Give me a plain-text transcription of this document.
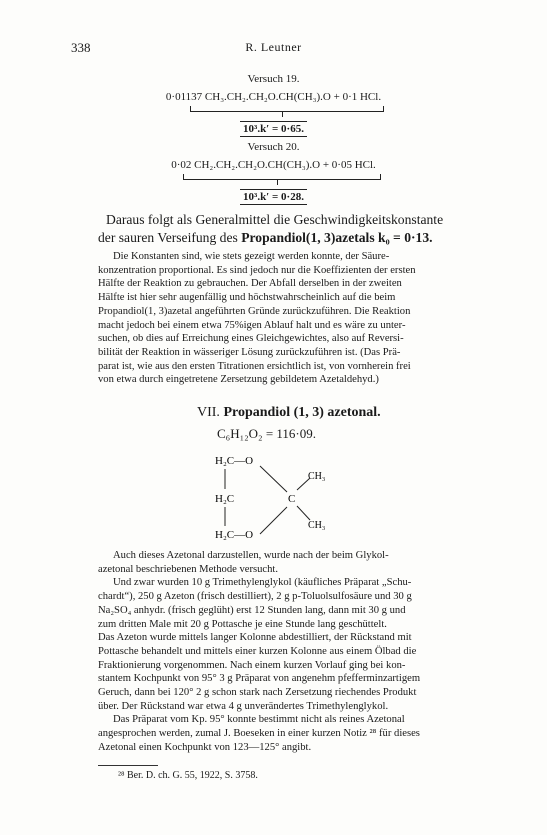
338	R. Leutner
Versuch 19.
0·01137 CH₃.CH₂.CH₂O.CH(CH₃).O + 0·1 HCl.
10³.k′ = 0·65.
Versuch 20.
0·02 CH₂.CH₂.CH₂O.CH(CH₃).O + 0·05 HCl.
10³.k′ = 0·28.
Daraus folgt als Generalmittel die Geschwindigkeitskonstante
der sauren Verseifung des Propandiol(1, 3)azetals k₀ = 0·13.
Die Konstanten sind, wie stets gezeigt werden konnte, der Säure-
konzentration proportional. Es sind jedoch nur die Koeffizienten der ersten
Hälfte der Reaktion zu gebrauchen. Der Abfall derselben in der zweiten
Hälfte ist hier sehr augenfällig und höchstwahrscheinlich auf die beim
Propandiol(1, 3)azetal angeführten Gründe zurückzuführen. Die Reaktion
macht jedoch bei einem etwa 75%igen Ablauf halt und es wäre zu unter-
suchen, ob dies auf Erreichung eines Gleichgewichtes, also auf Reversi-
bilität der Reaktion in wässeriger Lösung zurückzuführen ist. (Das Prä-
parat ist, wie aus den ersten Titrationen ersichtlich ist, von vornherein frei
von etwa durch eingetretene Zersetzung gebildetem Azetaldehyd.)
VII. Propandiol (1, 3) azetonal.
C₆H₁₂O₂ = 116·09.
H₂C—O
CH₃
H₂C	C
H₂C—O
CH₃
Auch dieses Azetonal darzustellen, wurde nach der beim Glykol-
azetonal beschriebenen Methode versucht.
Und zwar wurden 10 g Trimethylenglykol (käufliches Präparat „Schu-
chardt“), 250 g Azeton (frisch destilliert), 2 g p-Toluolsulfosäure und 30 g
Na₂SO₄ anhydr. (frisch geglüht) erst 12 Stunden lang, dann mit 30 g und
zum dritten Male mit 20 g Pottasche je eine Stunde lang geschüttelt.
Das Azeton wurde mittels langer Kolonne abdestilliert, der Rückstand mit
Pottasche behandelt und mittels einer kurzen Kolonne aus einem Ölbad die
Fraktionierung vorgenommen. Nach einem kurzen Vorlauf ging bei kon-
stantem Kochpunkt von 95° 3 g Präparat von angenehm pfefferminzartigem
Geruch, dann bei 120° 2 g schon stark nach Zersetzung riechendes Produkt
über. Der Rückstand war etwa 4 g unverändertes Trimethylenglykol.
Das Präparat vom Kp. 95° konnte bestimmt nicht als reines Azetonal
angesprochen werden, zumal J. Boeseken in einer kurzen Notiz ²⁸ für dieses
Azetonal einen Kochpunkt von 123—125° angibt.
²⁸ Ber. D. ch. G. 55, 1922, S. 3758.
